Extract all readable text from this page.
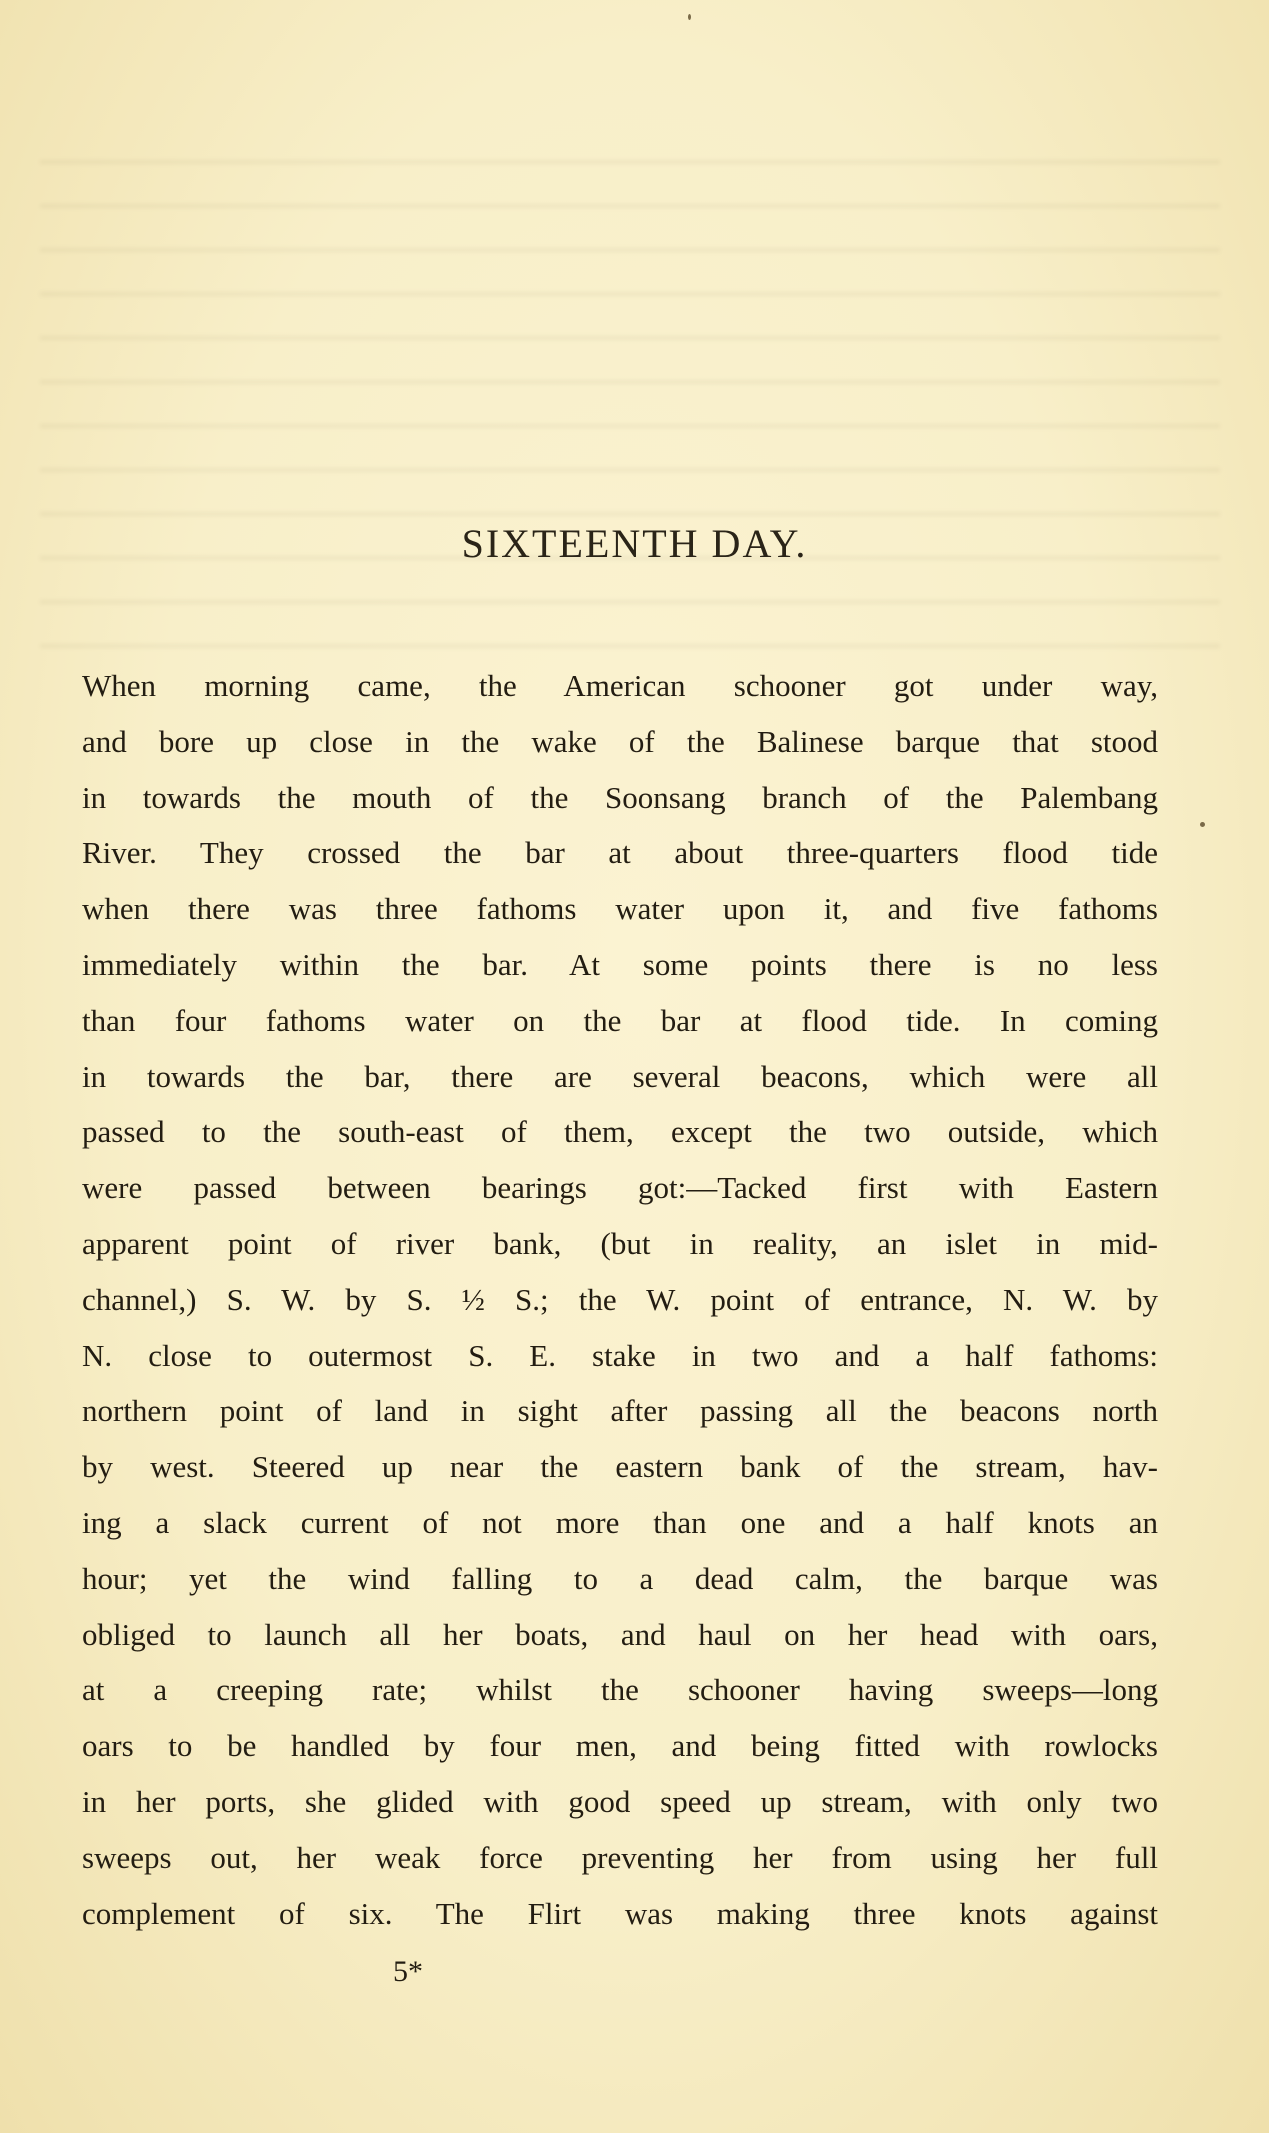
SIXTEENTH DAY.
When morning came, the American schooner got under way,
and bore up close in the wake of the Balinese barque that stood
in towards the mouth of the Soonsang branch of the Palembang
River. They crossed the bar at about three-quarters flood tide
when there was three fathoms water upon it, and five fathoms
immediately within the bar. At some points there is no less
than four fathoms water on the bar at flood tide. In coming
in towards the bar, there are several beacons, which were all
passed to the south-east of them, except the two outside, which
were passed between bearings got:—Tacked first with Eastern
apparent point of river bank, (but in reality, an islet in mid-
channel,) S. W. by S. ½ S.; the W. point of entrance, N. W. by
N. close to outermost S. E. stake in two and a half fathoms:
northern point of land in sight after passing all the beacons north
by west. Steered up near the eastern bank of the stream, hav-
ing a slack current of not more than one and a half knots an
hour; yet the wind falling to a dead calm, the barque was
obliged to launch all her boats, and haul on her head with oars,
at a creeping rate; whilst the schooner having sweeps—long
oars to be handled by four men, and being fitted with rowlocks
in her ports, she glided with good speed up stream, with only two
sweeps out, her weak force preventing her from using her full
complement of six. The Flirt was making three knots against
5*
